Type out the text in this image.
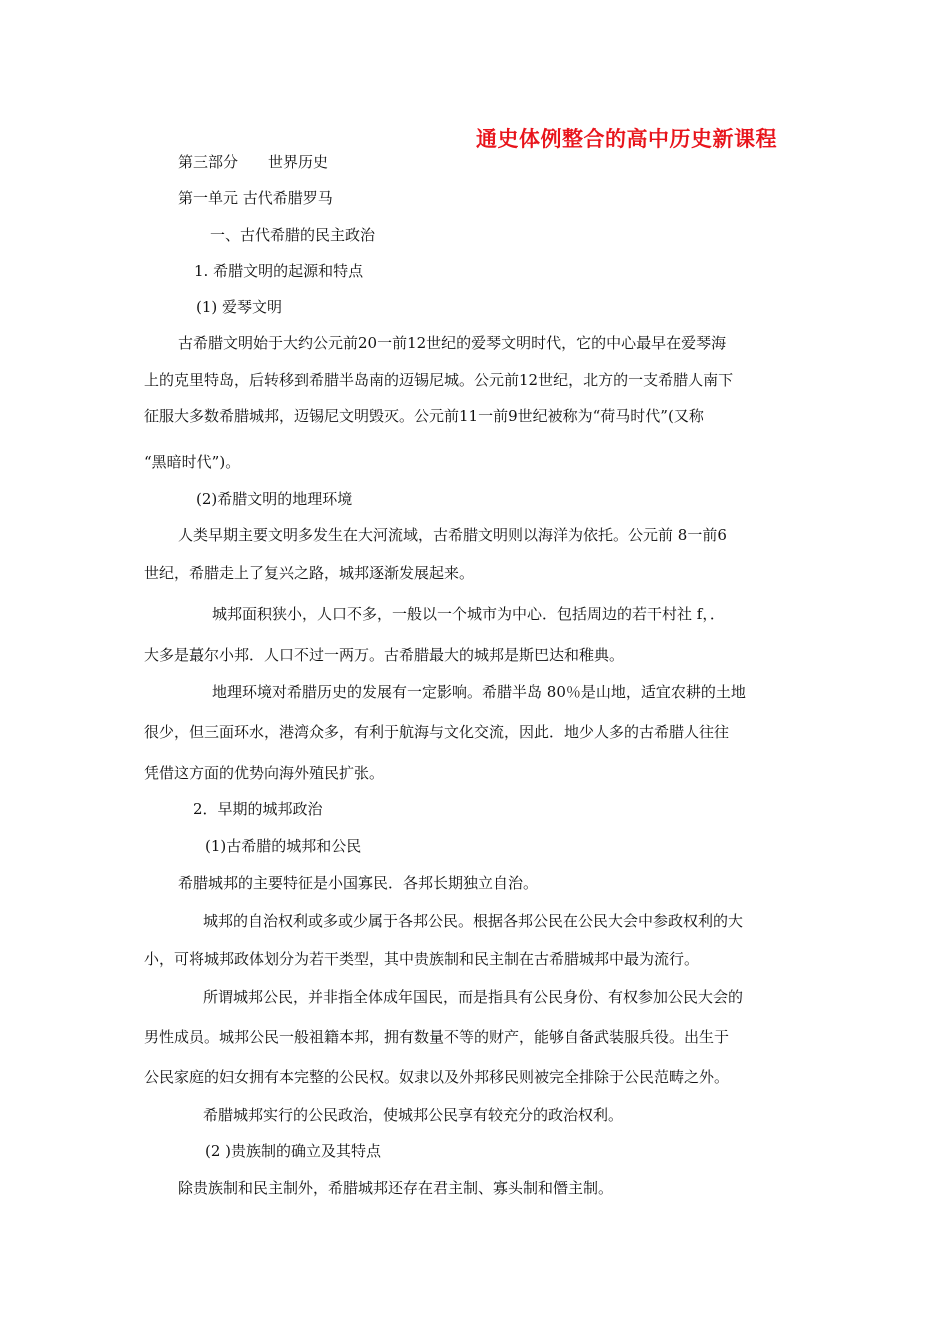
通史体例整合的高中历史新课程
第三部分 世界历史
第一单元 古代希腊罗马
一、古代希腊的民主政治
1. 希腊文明的起源和特点
(1) 爱琴文明
古希腊文明始于大约公元前20一前12世纪的爱琴文明时代，它的中心最早在爱琴海
上的克里特岛，后转移到希腊半岛南的迈锡尼城。公元前12世纪，北方的一支希腊人南下
征服大多数希腊城邦，迈锡尼文明毁灭。公元前11一前9世纪被称为“荷马时代”(又称
“黑暗时代”)。
(2)希腊文明的地理环境
人类早期主要文明多发生在大河流域，古希腊文明则以海洋为依托。公元前 8一前6
世纪，希腊走上了复兴之路，城邦逐渐发展起来。
城邦面积狭小，人口不多，一般以一个城市为中心．包括周边的若干村社 f，．
大多是蕞尔小邦．人口不过一两万。古希腊最大的城邦是斯巴达和稚典。
地理环境对希腊历史的发展有一定影响。希腊半岛 80％是山地，适宜农耕的土地
很少，但三面环水，港湾众多，有利于航海与文化交流，因此．地少人多的古希腊人往往
凭借这方面的优势向海外殖民扩张。
2．早期的城邦政治
(1)古希腊的城邦和公民
希腊城邦的主要特征是小国寡民．各邦长期独立自治。
城邦的自治权利或多或少属于各邦公民。根据各邦公民在公民大会中参政权利的大
小，可将城邦政体划分为若干类型，其中贵族制和民主制在古希腊城邦中最为流行。
所谓城邦公民，并非指全体成年国民，而是指具有公民身份、有权参加公民大会的
男性成员。城邦公民一般祖籍本邦，拥有数量不等的财产，能够自备武装服兵役。出生于
公民家庭的妇女拥有本完整的公民权。奴隶以及外邦移民则被完全排除于公民范畴之外。
希腊城邦实行的公民政治，使城邦公民享有较充分的政治权利。
(2 )贵族制的确立及其特点
除贵族制和民主制外，希腊城邦还存在君主制、寡头制和僭主制。
